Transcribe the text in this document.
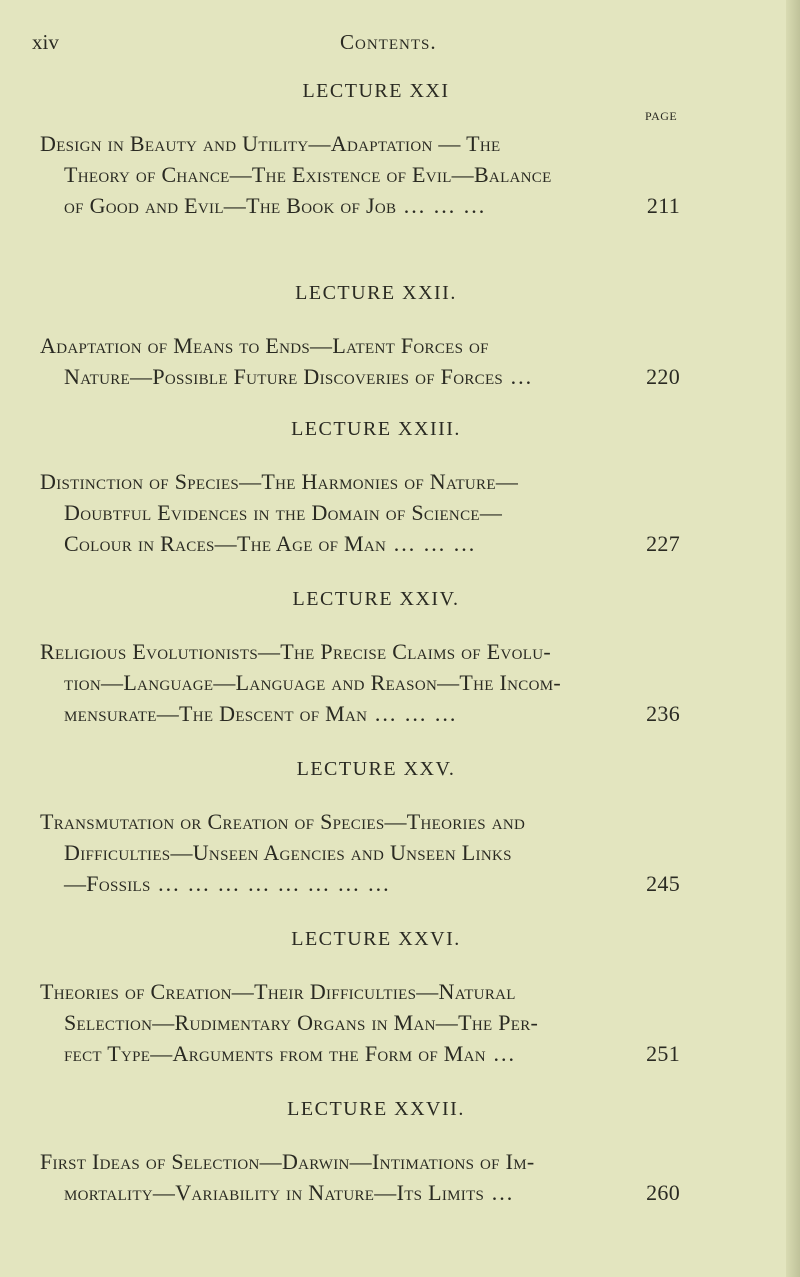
xiv	Contents.
PAGE
LECTURE XXI
Design in Beauty and Utility—Adaptation — The
Theory of Chance—The Existence of Evil—Balance
of Good and Evil—The Book of Job ... ... ...	211
LECTURE XXII.
Adaptation of Means to Ends—Latent Forces of
Nature—Possible Future Discoveries of Forces ...	220
LECTURE XXIII.
Distinction of Species—The Harmonies of Nature—
Doubtful Evidences in the Domain of Science—
Colour in Races—The Age of Man ... ... ...	227
LECTURE XXIV.
Religious Evolutionists—The Precise Claims of Evolu-
tion—Language—Language and Reason—The Incom-
mensurate—The Descent of Man ... ... ...	236
LECTURE XXV.
Transmutation or Creation of Species—Theories and
Difficulties—Unseen Agencies and Unseen Links
—Fossils ... ... ... ... ... ... ... ...	245
LECTURE XXVI.
Theories of Creation—Their Difficulties—Natural
Selection—Rudimentary Organs in Man—The Per-
fect Type—Arguments from the Form of Man ...	251
LECTURE XXVII.
First Ideas of Selection—Darwin—Intimations of Im-
mortality—Variability in Nature—Its Limits ...	260
